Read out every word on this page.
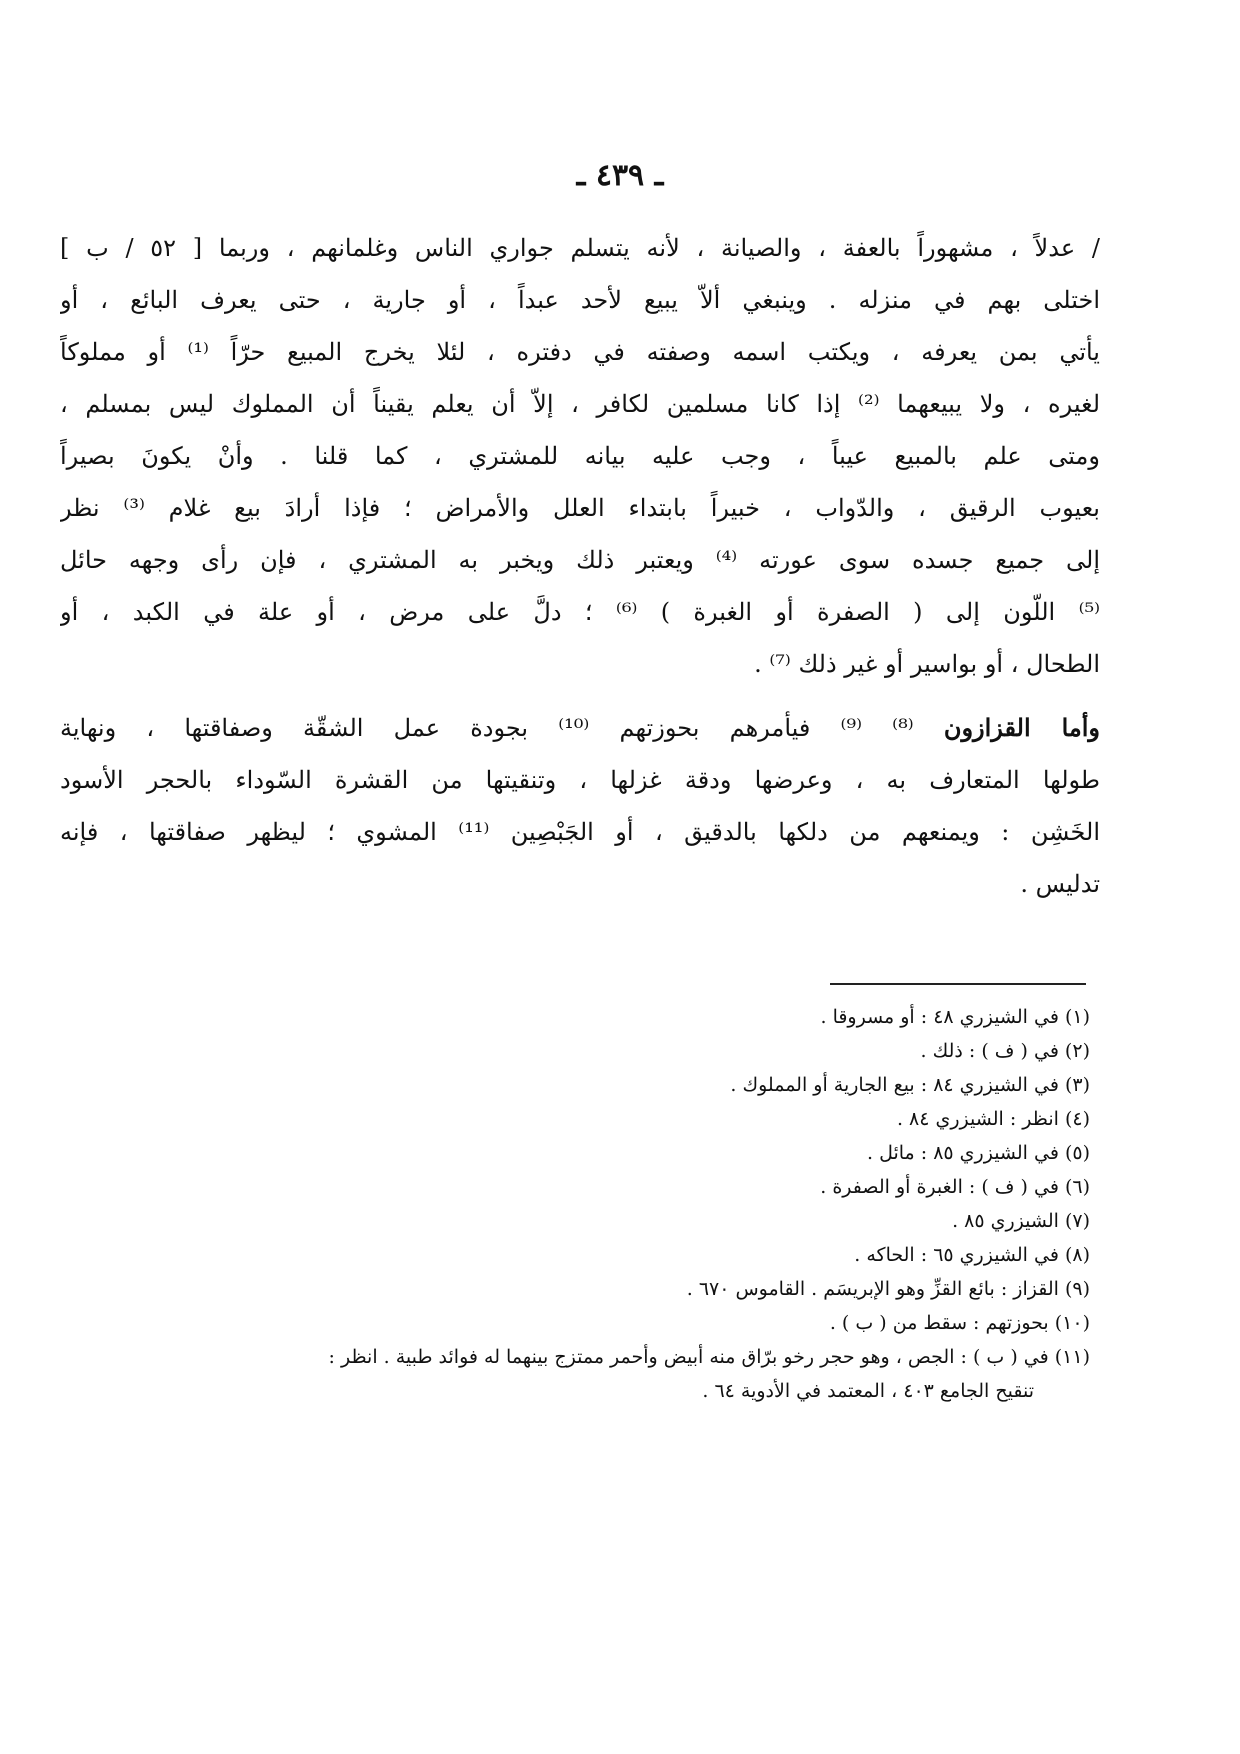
ـ ٤٣٩ ـ
/ عدلاً ، مشهوراً بالعفة ، والصيانة ، لأنه يتسلم جواري الناس وغلمانهم ، وربما [ ٥٢ / ب ]
اختلى بهم في منزله . وينبغي ألاّ يبيع لأحد عبداً ، أو جارية ، حتى يعرف البائع ، أو
يأتي بمن يعرفه ، ويكتب اسمه وصفته في دفتره ، لئلا يخرج المبيع حرّاً ⁽¹⁾ أو مملوكاً
لغيره ، ولا يبيعهما ⁽²⁾ إذا كانا مسلمين لكافر ، إلاّ أن يعلم يقيناً أن المملوك ليس بمسلم ،
ومتى علم بالمبيع عيباً ، وجب عليه بيانه للمشتري ، كما قلنا . وأنْ يكونَ بصيراً
بعيوب الرقيق ، والدّواب ، خبيراً بابتداء العلل والأمراض ؛ فإذا أرادَ بيع غلام ⁽³⁾ نظر
إلى جميع جسده سوى عورته ⁽⁴⁾ ويعتبر ذلك ويخبر به المشتري ، فإن رأى وجهه حائل
⁽⁵⁾ اللّون إلى ( الصفرة أو الغبرة ) ⁽⁶⁾ ؛ دلَّ على مرض ، أو علة في الكبد ، أو
الطحال ، أو بواسير أو غير ذلك ⁽⁷⁾ .
وأما القزازون ⁽⁸⁾ ⁽⁹⁾ فيأمرهم بحوزتهم ⁽¹⁰⁾ بجودة عمل الشقّة وصفاقتها ، ونهاية
طولها المتعارف به ، وعرضها ودقة غزلها ، وتنقيتها من القشرة السّوداء بالحجر الأسود
الخَشِن : ويمنعهم من دلكها بالدقيق ، أو الجَبْصِين ⁽¹¹⁾ المشوي ؛ ليظهر صفاقتها ، فإنه
تدليس .
(١) في الشيزري ٤٨ : أو مسروقا .
(٢) في ( ف ) : ذلك .
(٣) في الشيزري ٨٤ : بيع الجارية أو المملوك .
(٤) انظر : الشيزري ٨٤ .
(٥) في الشيزري ٨٥ : مائل .
(٦) في ( ف ) : الغبرة أو الصفرة .
(٧) الشيزري ٨٥ .
(٨) في الشيزري ٦٥ : الحاكه .
(٩) القزاز : بائع القزِّ وهو الإبريسَم . القاموس ٦٧٠ .
(١٠) بحوزتهم : سقط من ( ب ) .
(١١) في ( ب ) : الجص ، وهو حجر رخو برّاق منه أبيض وأحمر ممتزج بينهما له فوائد طبية . انظر :
تنقيح الجامع ٤٠٣ ، المعتمد في الأدوية ٦٤ .
